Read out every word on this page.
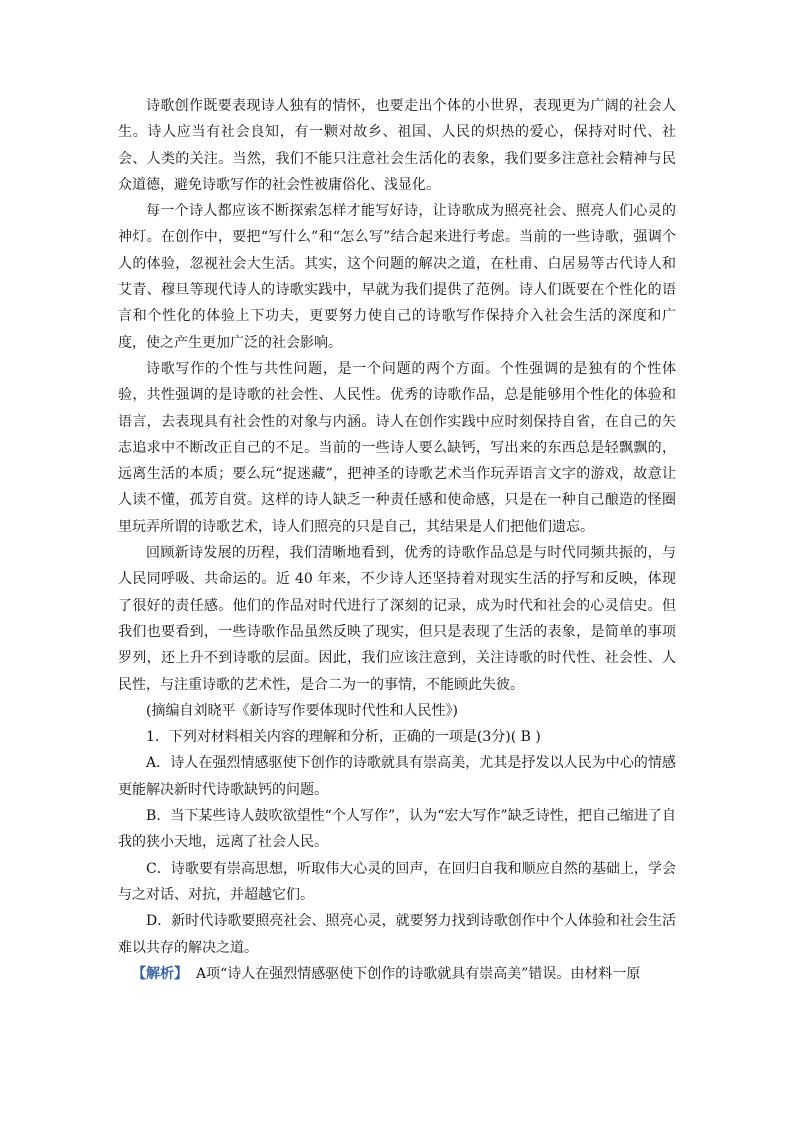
诗歌创作既要表现诗人独有的情怀，也要走出个体的小世界，表现更为广阔的社会人生。诗人应当有社会良知，有一颗对故乡、祖国、人民的炽热的爱心，保持对时代、社会、人类的关注。当然，我们不能只注意社会生活化的表象，我们要多注意社会精神与民众道德，避免诗歌写作的社会性被庸俗化、浅显化。

每一个诗人都应该不断探索怎样才能写好诗，让诗歌成为照亮社会、照亮人们心灵的神灯。在创作中，要把“写什么”和“怎么写”结合起来进行考虑。当前的一些诗歌，强调个人的体验，忽视社会大生活。其实，这个问题的解决之道，在杜甫、白居易等古代诗人和艾青、穆旦等现代诗人的诗歌实践中，早就为我们提供了范例。诗人们既要在个性化的语言和个性化的体验上下功夫，更要努力使自己的诗歌写作保持介入社会生活的深度和广度，使之产生更加广泛的社会影响。

诗歌写作的个性与共性问题，是一个问题的两个方面。个性强调的是独有的个性体验，共性强调的是诗歌的社会性、人民性。优秀的诗歌作品，总是能够用个性化的体验和语言，去表现具有社会性的对象与内涵。诗人在创作实践中应时刻保持自省，在自己的矢志追求中不断改正自己的不足。当前的一些诗人要么缺钙，写出来的东西总是轻飘飘的，远离生活的本质；要么玩“捉迷藏”，把神圣的诗歌艺术当作玩弄语言文字的游戏，故意让人读不懂，孤芳自赏。这样的诗人缺乏一种责任感和使命感，只是在一种自己酿造的怪圈里玩弄所谓的诗歌艺术，诗人们照亮的只是自己，其结果是人们把他们遗忘。

回顾新诗发展的历程，我们清晰地看到，优秀的诗歌作品总是与时代同频共振的，与人民同呼吸、共命运的。近 40 年来，不少诗人还坚持着对现实生活的抒写和反映，体现了很好的责任感。他们的作品对时代进行了深刻的记录，成为时代和社会的心灵信史。但我们也要看到，一些诗歌作品虽然反映了现实，但只是表现了生活的表象，是简单的事项罗列，还上升不到诗歌的层面。因此，我们应该注意到，关注诗歌的时代性、社会性、人民性，与注重诗歌的艺术性，是合二为一的事情，不能顾此失彼。

(摘编自刘晓平《新诗写作要体现时代性和人民性》)

1．下列对材料相关内容的理解和分析，正确的一项是(3分)( B )

A．诗人在强烈情感驱使下创作的诗歌就具有崇高美，尤其是抒发以人民为中心的情感更能解决新时代诗歌缺钙的问题。

B．当下某些诗人鼓吹欲望性“个人写作”，认为“宏大写作”缺乏诗性，把自己缩进了自我的狭小天地，远离了社会人民。

C．诗歌要有崇高思想，听取伟大心灵的回声，在回归自我和顺应自然的基础上，学会与之对话、对抗，并超越它们。

D．新时代诗歌要照亮社会、照亮心灵，就要努力找到诗歌创作中个人体验和社会生活难以共存的解决之道。

【解析】 A项“诗人在强烈情感驱使下创作的诗歌就具有崇高美”错误。由材料一原
